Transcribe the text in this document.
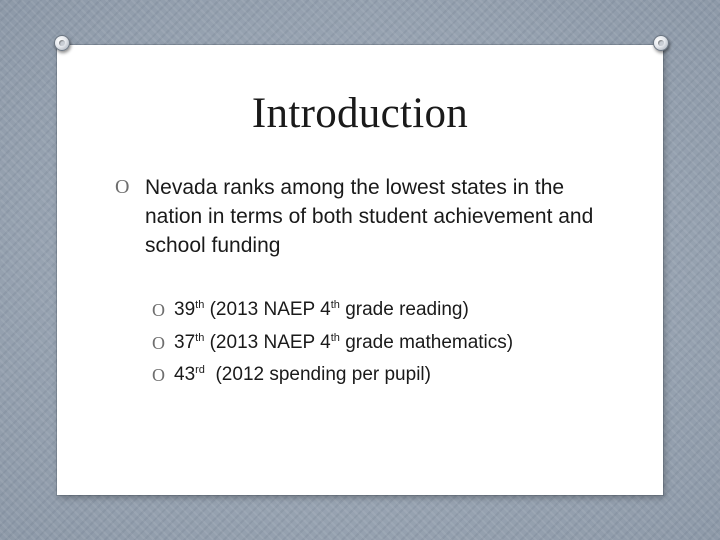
Introduction
O Nevada ranks among the lowest states in the nation in terms of both student achievement and school funding
O 39th (2013 NAEP 4th grade reading)
O 37th (2013 NAEP 4th grade mathematics)
O 43rd  (2012 spending per pupil)
